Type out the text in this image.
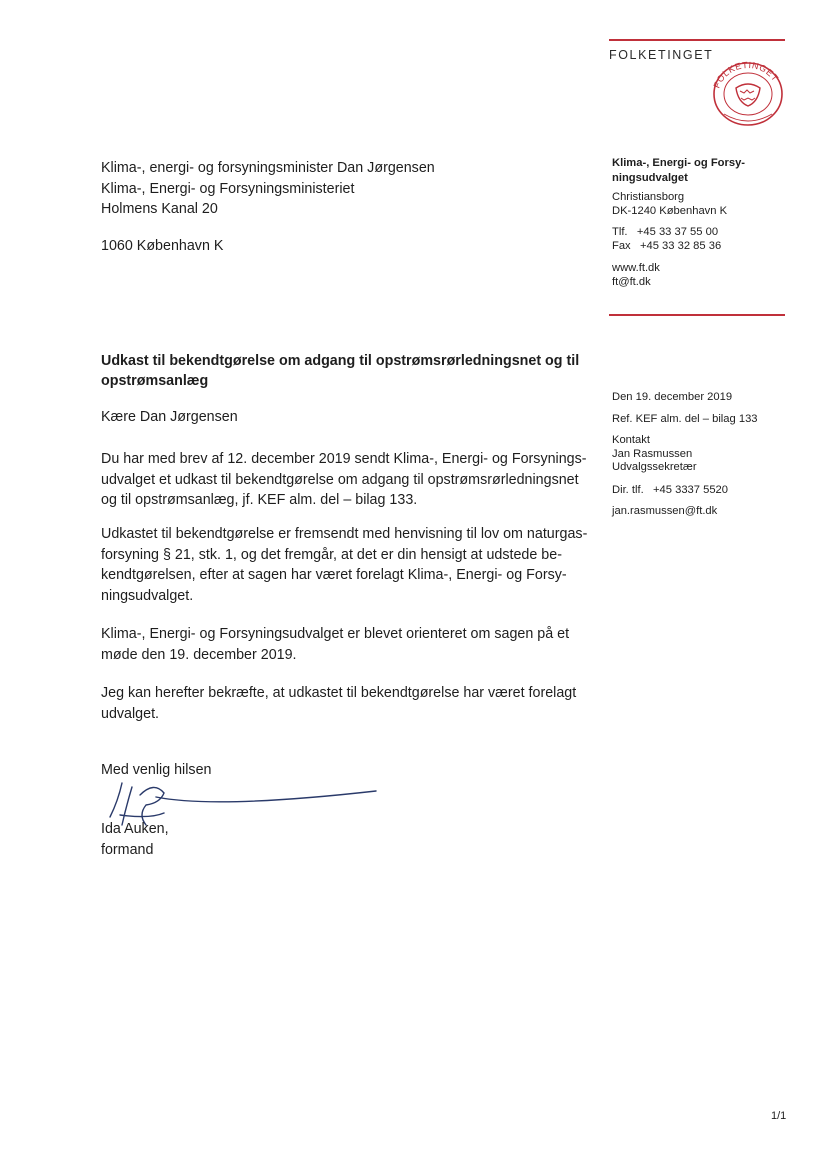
FOLKETINGET
FOLKETINGET
Klima-, energi- og forsyningsminister Dan Jørgensen
Klima-, Energi- og Forsyningsministeriet
Holmens Kanal 20
1060 København K
Klima-, Energi- og Forsy-
ningsudvalget
Christiansborg
DK-1240 København K
Tlf.   +45 33 37 55 00
Fax   +45 33 32 85 36
www.ft.dk
ft@ft.dk
Den 19. december 2019
Ref. KEF alm. del – bilag 133
Kontakt
Jan Rasmussen
Udvalgssekretær
Dir. tlf.   +45 3337 5520
jan.rasmussen@ft.dk
Udkast til bekendtgørelse om adgang til opstrømsrørledningsnet og til
opstrømsanlæg
Kære Dan Jørgensen
Du har med brev af 12. december 2019 sendt Klima-, Energi- og Forsynings-
udvalget et udkast til bekendtgørelse om adgang til opstrømsrørledningsnet
og til opstrømsanlæg, jf. KEF alm. del – bilag 133.
Udkastet til bekendtgørelse er fremsendt med henvisning til lov om naturgas-
forsyning § 21, stk. 1, og det fremgår, at det er din hensigt at udstede be-
kendtgørelsen, efter at sagen har været forelagt Klima-, Energi- og Forsy-
ningsudvalget.
Klima-, Energi- og Forsyningsudvalget er blevet orienteret om sagen på et
møde den 19. december 2019.
Jeg kan herefter bekræfte, at udkastet til bekendtgørelse har været forelagt
udvalget.
Med venlig hilsen
Ida Auken,
formand
1/1
